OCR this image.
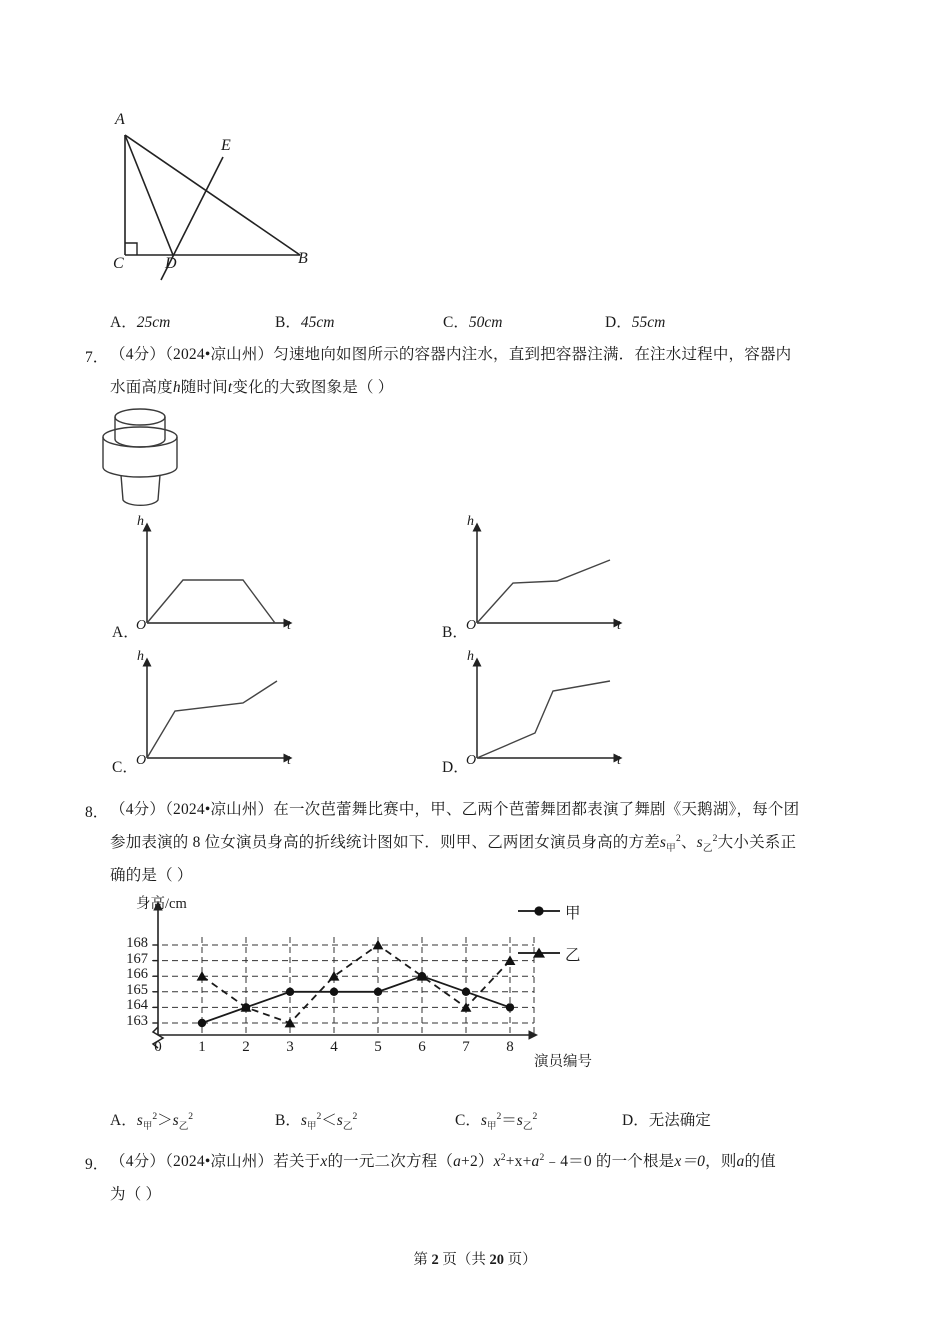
A
E
C	D	B
A．25cm	B．45cm	C．50cm	D．55cm
7． （4分）（2024•凉山州）匀速地向如图所示的容器内注水，直到把容器注满．在注水过程中，容器内
水面高度h随时间t变化的大致图象是（ ）
A．
h
O	t	B．
h
O	t
C．
h
O	t	D．
h
O	t
8． （4分）（2024•凉山州）在一次芭蕾舞比赛中，甲、乙两个芭蕾舞团都表演了舞剧《天鹅湖》，每个团
参加表演的 8 位女演员身高的折线统计图如下．则甲、乙两团女演员身高的方差$s_甲^2$、$s_乙^2$大小关系正
确的是（ ）
身高/cm
演员编号
甲
乙
163
164
165
166
167
168
0	1	2	3	4	5	6	7	8
A．$s_甲^2>s_乙^2$	B．$s_甲^2<s_乙^2$	C．$s_甲^2=s_乙^2$	D．无法确定
9． （4分）（2024•凉山州）若关于x的一元二次方程$(a+2)x^2+x+a^2﹣4=0$ 的一个根是x＝0，则a的值
为（ ）
第 2 页（共 20 页）
